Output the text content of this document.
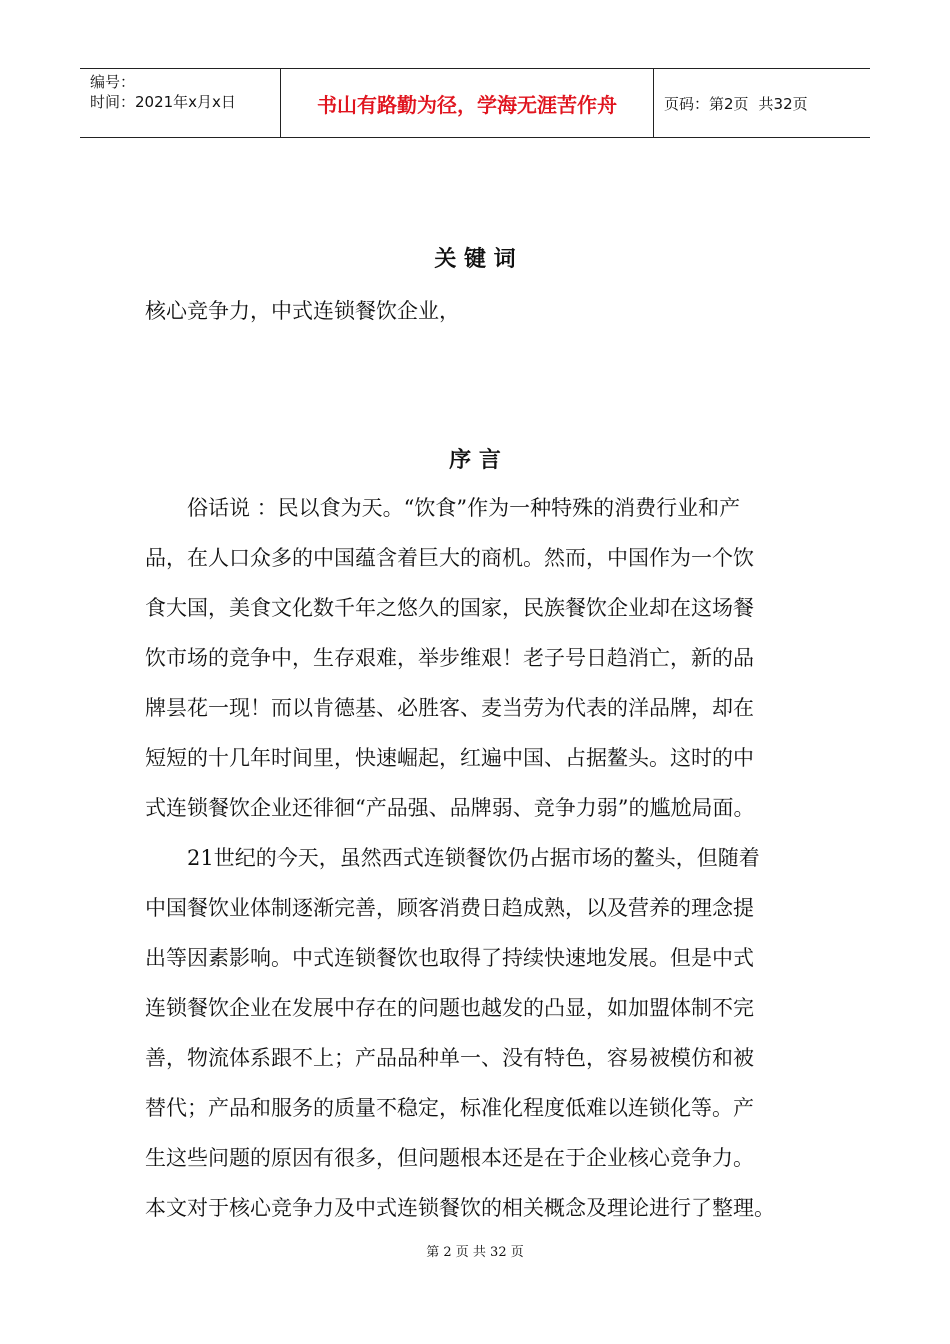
编号：
时间：2021年x月x日	书山有路勤为径，学海无涯苦作舟	页码：第2页 共32页
关 键 词
核心竞争力，中式连锁餐饮企业，
序 言
俗话说 ：民以食为天。“饮食”作为一种特殊的消费行业和产
品，在人口众多的中国蕴含着巨大的商机。然而，中国作为一个饮
食大国，美食文化数千年之悠久的国家，民族餐饮企业却在这场餐
饮市场的竞争中，生存艰难，举步维艰！老子号日趋消亡，新的品
牌昙花一现！而以肯德基、必胜客、麦当劳为代表的洋品牌，却在
短短的十几年时间里，快速崛起，红遍中国、占据鳌头。这时的中
式连锁餐饮企业还徘徊“产品强、品牌弱、竞争力弱”的尴尬局面。
21世纪的今天，虽然西式连锁餐饮仍占据市场的鳌头，但随着
中国餐饮业体制逐渐完善，顾客消费日趋成熟，以及营养的理念提
出等因素影响。中式连锁餐饮也取得了持续快速地发展。但是中式
连锁餐饮企业在发展中存在的问题也越发的凸显，如加盟体制不完
善，物流体系跟不上；产品品种单一、没有特色，容易被模仿和被
替代；产品和服务的质量不稳定，标准化程度低难以连锁化等。产
生这些问题的原因有很多，但问题根本还是在于企业核心竞争力。
本文对于核心竞争力及中式连锁餐饮的相关概念及理论进行了整理。
第 2 页 共 32 页
